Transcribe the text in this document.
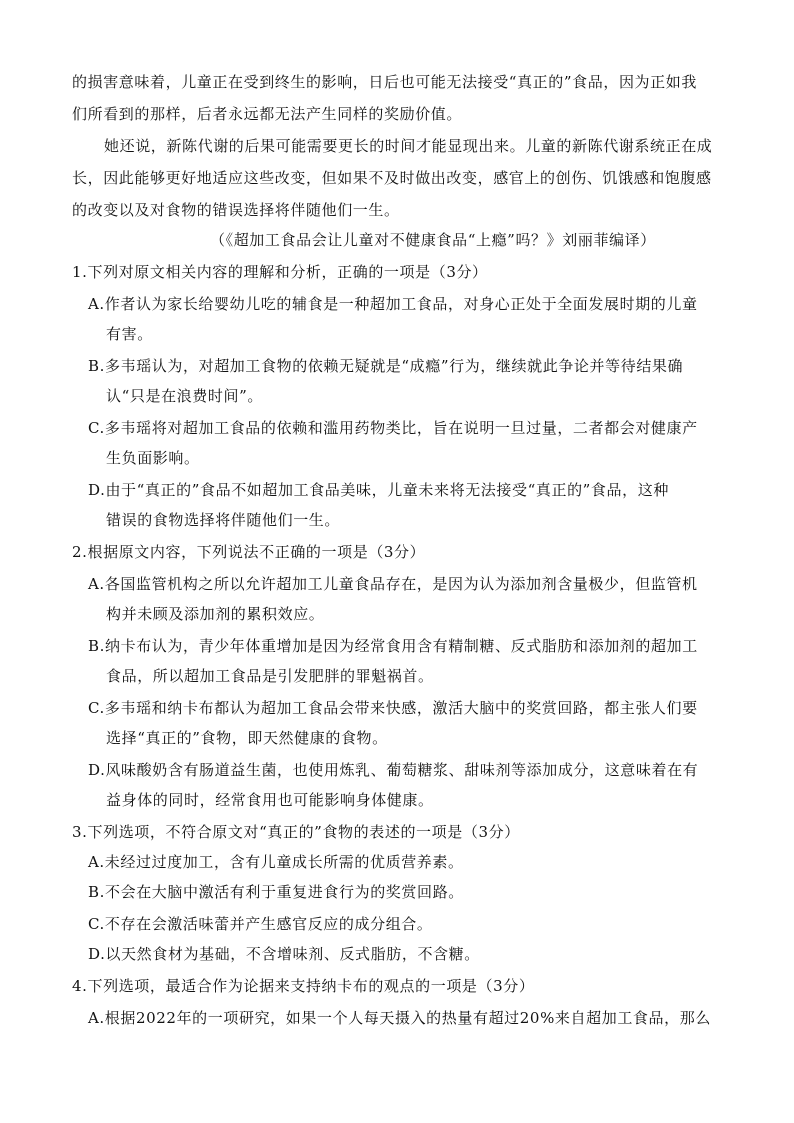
的损害意味着，儿童正在受到终生的影响，日后也可能无法接受“真正的”食品，因为正如我
们所看到的那样，后者永远都无法产生同样的奖励价值。
她还说，新陈代谢的后果可能需要更长的时间才能显现出来。儿童的新陈代谢系统正在成
长，因此能够更好地适应这些改变，但如果不及时做出改变，感官上的创伤、饥饿感和饱腹感
的改变以及对食物的错误选择将伴随他们一生。
（《超加工食品会让儿童对不健康食品“上瘾”吗？》刘丽菲编译）
1.下列对原文相关内容的理解和分析，正确的一项是（3分）
A.作者认为家长给婴幼儿吃的辅食是一种超加工食品，对身心正处于全面发展时期的儿童
有害。
B.多韦瑶认为，对超加工食物的依赖无疑就是“成瘾”行为，继续就此争论并等待结果确
认“只是在浪费时间”。
C.多韦瑶将对超加工食品的依赖和滥用药物类比，旨在说明一旦过量，二者都会对健康产
生负面影响。
D.由于“真正的”食品不如超加工食品美味，儿童未来将无法接受“真正的”食品，这种
错误的食物选择将伴随他们一生。
2.根据原文内容，下列说法不正确的一项是（3分）
A.各国监管机构之所以允许超加工儿童食品存在，是因为认为添加剂含量极少，但监管机
构并未顾及添加剂的累积效应。
B.纳卡布认为，青少年体重增加是因为经常食用含有精制糖、反式脂肪和添加剂的超加工
食品，所以超加工食品是引发肥胖的罪魁祸首。
C.多韦瑶和纳卡布都认为超加工食品会带来快感，激活大脑中的奖赏回路，都主张人们要
选择“真正的”食物，即天然健康的食物。
D.风味酸奶含有肠道益生菌，也使用炼乳、葡萄糖浆、甜味剂等添加成分，这意味着在有
益身体的同时，经常食用也可能影响身体健康。
3.下列选项，不符合原文对“真正的”食物的表述的一项是（3分）
A.未经过过度加工，含有儿童成长所需的优质营养素。
B.不会在大脑中激活有利于重复进食行为的奖赏回路。
C.不存在会激活味蕾并产生感官反应的成分组合。
D.以天然食材为基础，不含增味剂、反式脂肪，不含糖。
4.下列选项，最适合作为论据来支持纳卡布的观点的一项是（3分）
A.根据2022年的一项研究，如果一个人每天摄入的热量有超过20%来自超加工食品，那么
